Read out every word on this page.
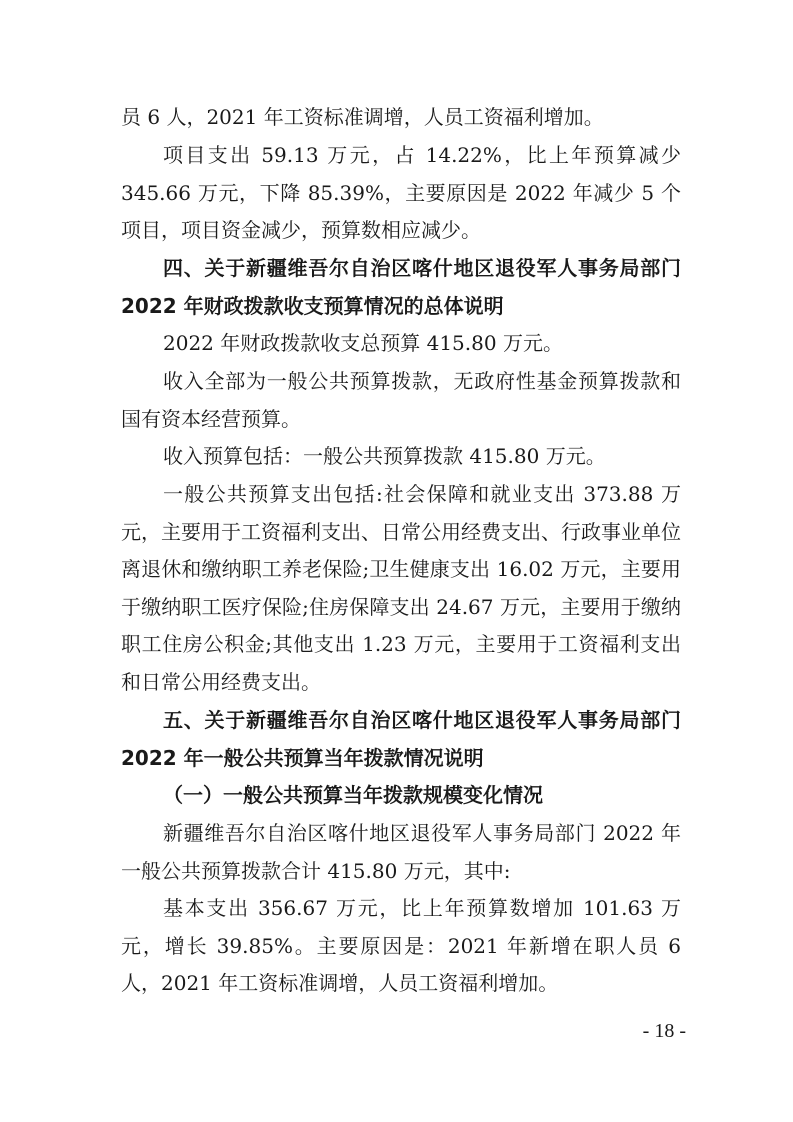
员 6 人，2021 年工资标准调增，人员工资福利增加。

项目支出 59.13 万元，占 14.22%，比上年预算减少 345.66 万元，下降 85.39%，主要原因是 2022 年减少 5 个项目，项目资金减少，预算数相应减少。

四、关于新疆维吾尔自治区喀什地区退役军人事务局部门 2022 年财政拨款收支预算情况的总体说明

2022 年财政拨款收支总预算 415.80 万元。

收入全部为一般公共预算拨款，无政府性基金预算拨款和国有资本经营预算。

收入预算包括：一般公共预算拨款 415.80 万元。

一般公共预算支出包括:社会保障和就业支出 373.88 万元，主要用于工资福利支出、日常公用经费支出、行政事业单位离退休和缴纳职工养老保险;卫生健康支出 16.02 万元，主要用于缴纳职工医疗保险;住房保障支出 24.67 万元，主要用于缴纳职工住房公积金;其他支出 1.23 万元，主要用于工资福利支出和日常公用经费支出。

五、关于新疆维吾尔自治区喀什地区退役军人事务局部门 2022 年一般公共预算当年拨款情况说明

（一）一般公共预算当年拨款规模变化情况

新疆维吾尔自治区喀什地区退役军人事务局部门 2022 年一般公共预算拨款合计 415.80 万元，其中:

基本支出 356.67 万元，比上年预算数增加 101.63 万元，增长 39.85%。主要原因是：2021 年新增在职人员 6 人，2021 年工资标准调增，人员工资福利增加。

- 18 -
